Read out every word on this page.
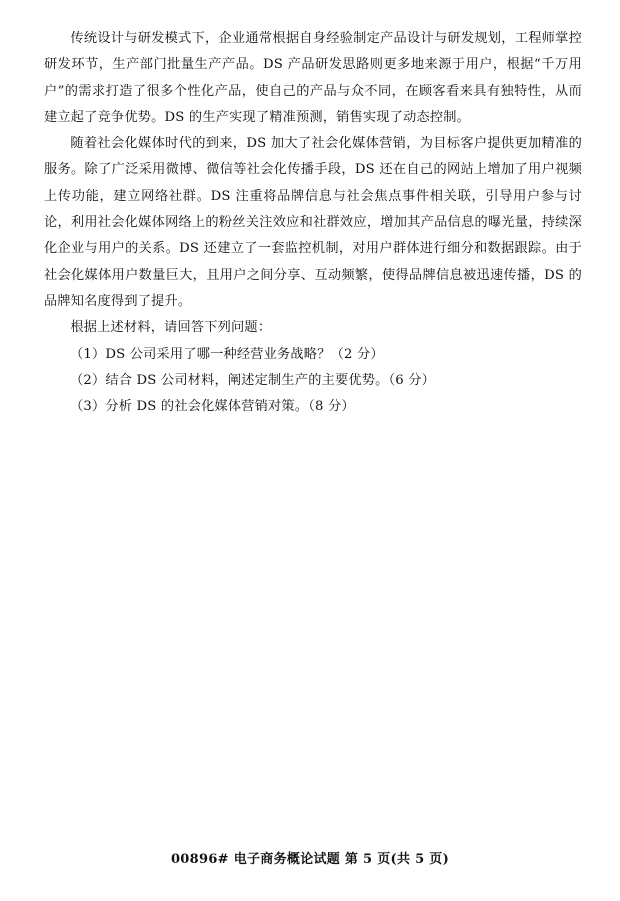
传统设计与研发模式下，企业通常根据自身经验制定产品设计与研发规划，工程师掌控研发环节，生产部门批量生产产品。DS 产品研发思路则更多地来源于用户，根据“千万用户”的需求打造了很多个性化产品，使自己的产品与众不同，在顾客看来具有独特性，从而建立起了竞争优势。DS 的生产实现了精准预测，销售实现了动态控制。

随着社会化媒体时代的到来，DS 加大了社会化媒体营销，为目标客户提供更加精准的服务。除了广泛采用微博、微信等社会化传播手段，DS 还在自己的网站上增加了用户视频上传功能，建立网络社群。DS 注重将品牌信息与社会焦点事件相关联，引导用户参与讨论，利用社会化媒体网络上的粉丝关注效应和社群效应，增加其产品信息的曝光量，持续深化企业与用户的关系。DS 还建立了一套监控机制，对用户群体进行细分和数据跟踪。由于社会化媒体用户数量巨大，且用户之间分享、互动频繁，使得品牌信息被迅速传播，DS 的品牌知名度得到了提升。

根据上述材料，请回答下列问题：

（1）DS 公司采用了哪一种经营业务战略？（2 分）
（2）结合 DS 公司材料，阐述定制生产的主要优势。（6 分）
（3）分析 DS 的社会化媒体营销对策。（8 分）
00896# 电子商务概论试题 第 5 页(共 5 页)
